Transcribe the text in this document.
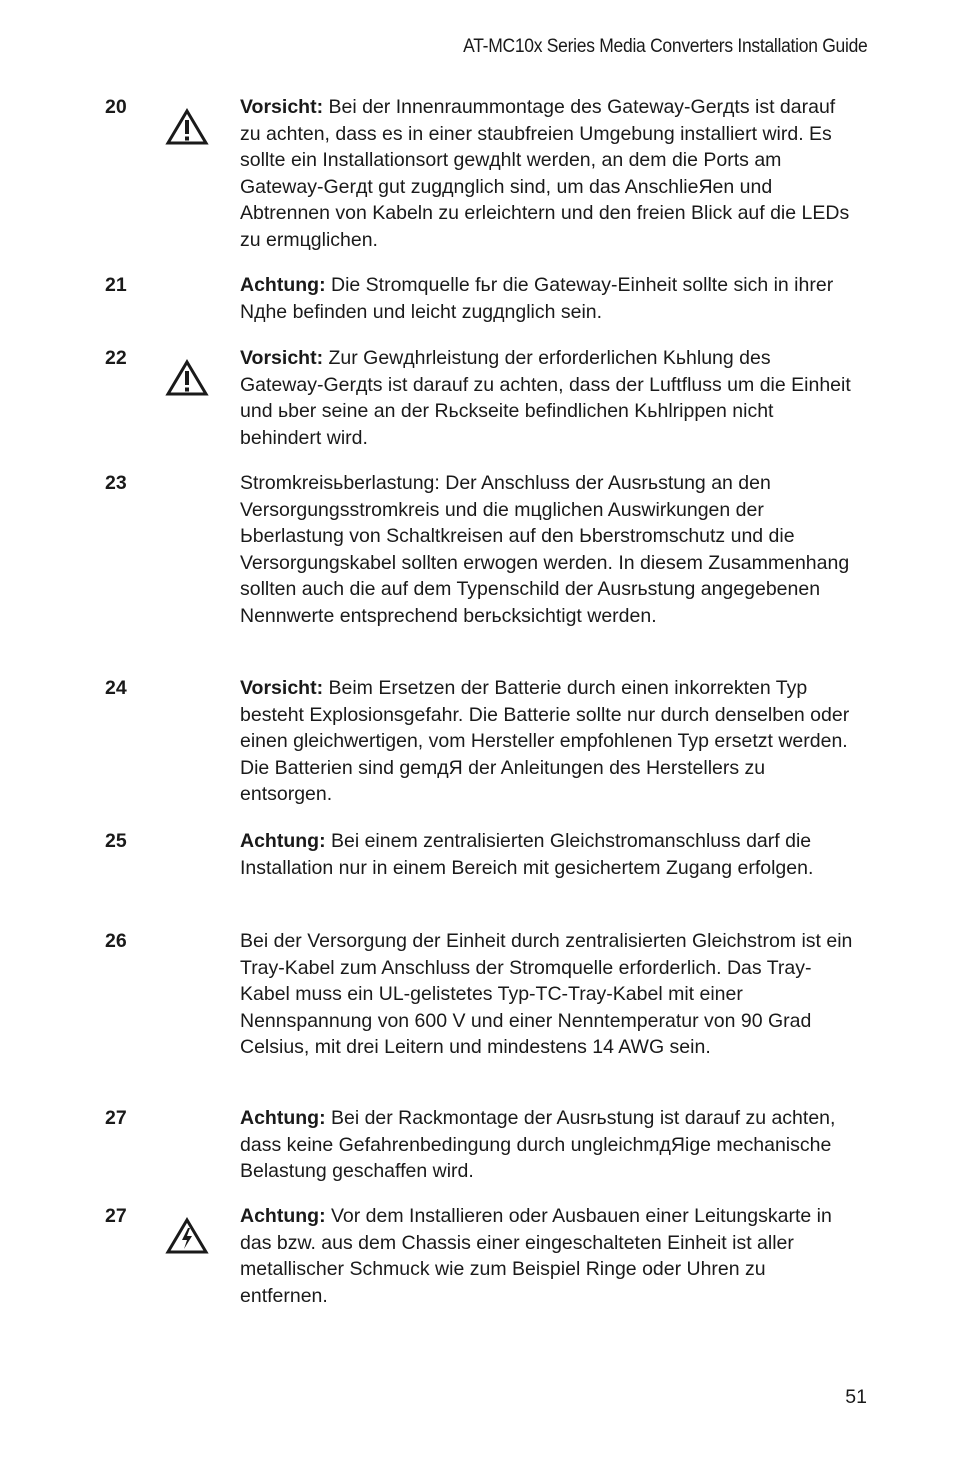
AT-MC10x Series Media Converters Installation Guide
20	Vorsicht: Bei der Innenraummontage des Gateway-Gerдts ist darauf zu achten, dass es in einer staubfreien Umgebung installiert wird. Es sollte ein Installationsort gewдhlt werden, an dem die Ports am Gateway-Gerдt gut zugдnglich sind, um das AnschlieЯen und Abtrennen von Kabeln zu erleichtern und den freien Blick auf die LEDs zu ermцglichen.
21	Achtung: Die Stromquelle fьr die Gateway-Einheit sollte sich in ihrer Nдhe befinden und leicht zugдnglich sein.
22	Vorsicht: Zur Gewдhrleistung der erforderlichen Kьhlung des Gateway-Gerдts ist darauf zu achten, dass der Luftfluss um die Einheit und ьber seine an der Rьckseite befindlichen Kьhlrippen nicht behindert wird.
23	Stromkreisьberlastung: Der Anschluss der Ausrьstung an den Versorgungsstromkreis und die mцglichen Auswirkungen der Ьberlastung von Schaltkreisen auf den Ьberstromschutz und die Versorgungskabel sollten erwogen werden. In diesem Zusammenhang sollten auch die auf dem Typenschild der Ausrьstung angegebenen Nennwerte entsprechend berьcksichtigt werden.
24	Vorsicht: Beim Ersetzen der Batterie durch einen inkorrekten Typ besteht Explosionsgefahr. Die Batterie sollte nur durch denselben oder einen gleichwertigen, vom Hersteller empfohlenen Typ ersetzt werden. Die Batterien sind gemдЯ der Anleitungen des Herstellers zu entsorgen.
25	Achtung: Bei einem zentralisierten Gleichstromanschluss darf die Installation nur in einem Bereich mit gesichertem Zugang erfolgen.
26	Bei der Versorgung der Einheit durch zentralisierten Gleichstrom ist ein Tray-Kabel zum Anschluss der Stromquelle erforderlich. Das Tray-Kabel muss ein UL-gelistetes Typ-TC-Tray-Kabel mit einer Nennspannung von 600 V und einer Nenntemperatur von 90 Grad Celsius, mit drei Leitern und mindestens 14 AWG sein.
27	Achtung: Bei der Rackmontage der Ausrьstung ist darauf zu achten, dass keine Gefahrenbedingung durch ungleichmдЯige mechanische Belastung geschaffen wird.
27	Achtung: Vor dem Installieren oder Ausbauen einer Leitungskarte in das bzw. aus dem Chassis einer eingeschalteten Einheit ist aller metallischer Schmuck wie zum Beispiel Ringe oder Uhren zu entfernen.
51
